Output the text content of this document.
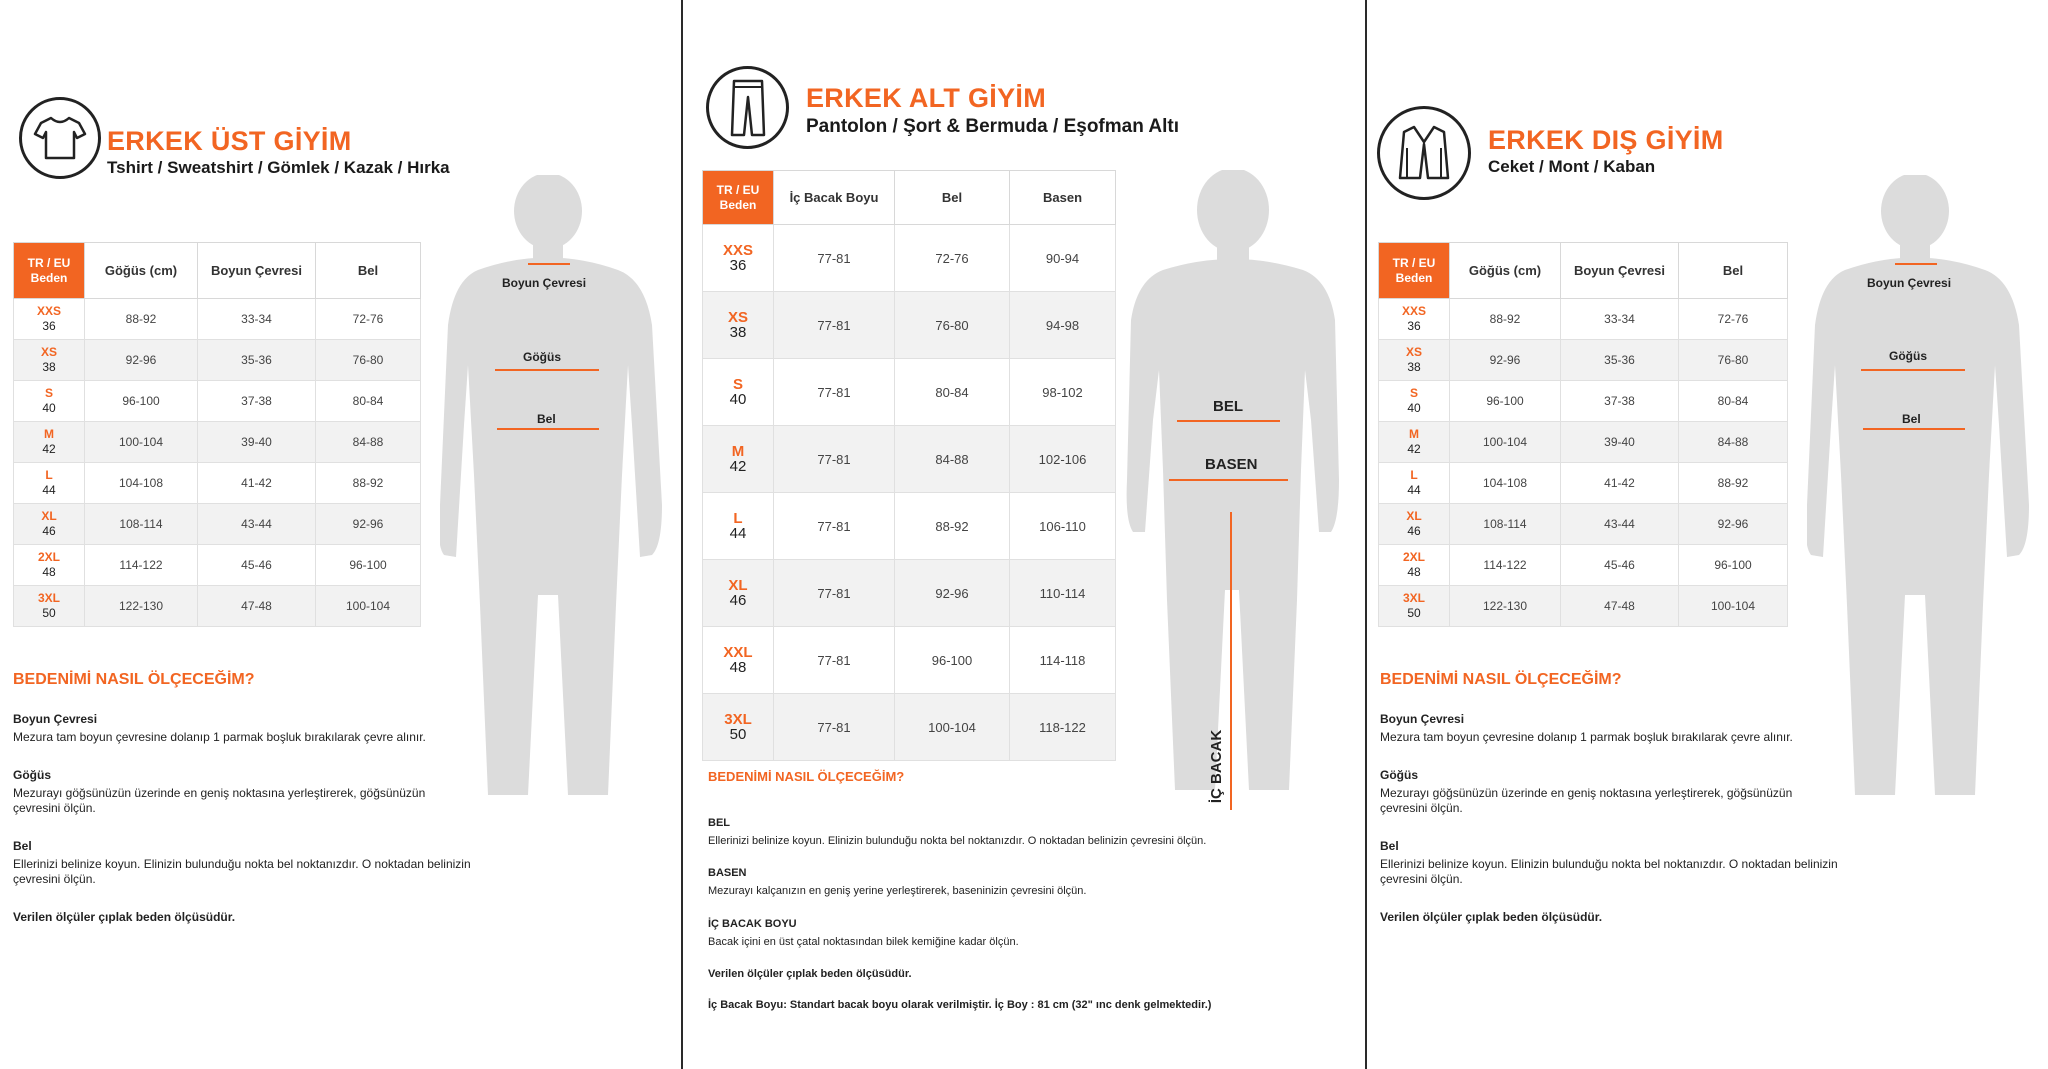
ERKEK ÜST GİYİM
Tshirt / Sweatshirt / Gömlek / Kazak / Hırka
TR / EU Beden	Göğüs (cm)	Boyun Çevresi	Bel

XXS
36	88-92	33-34	72-76

XS
38	92-96	35-36	76-80

S
40	96-100	37-38	80-84

M
42	100-104	39-40	84-88

L
44	104-108	41-42	88-92

XL
46	108-114	43-44	92-96

2XL
48	114-122	45-46	96-100

3XL
50	122-130	47-48	100-104
Boyun Çevresi
Göğüs
Bel
BEDENİMİ NASIL ÖLÇECEĞİM?
Boyun Çevresi
Mezura tam boyun çevresine dolanıp 1 parmak boşluk bırakılarak çevre alınır.
Göğüs
Mezurayı göğsünüzün üzerinde en geniş noktasına yerleştirerek, göğsünüzün çevresini ölçün.
Bel
Ellerinizi belinize koyun. Elinizin bulunduğu nokta bel noktanızdır. O noktadan belinizin çevresini ölçün.
Verilen ölçüler çıplak beden ölçüsüdür.
ERKEK ALT GİYİM
Pantolon / Şort & Bermuda / Eşofman Altı
TR / EU Beden	İç Bacak Boyu	Bel	Basen

XXS
36	77-81	72-76	90-94

XS
38	77-81	76-80	94-98

S
40	77-81	80-84	98-102

M
42	77-81	84-88	102-106

L
44	77-81	88-92	106-110

XL
46	77-81	92-96	110-114

XXL
48	77-81	96-100	114-118

3XL
50	77-81	100-104	118-122
BEL
BASEN
İÇ BACAK
BEDENİMİ NASIL ÖLÇECEĞİM?
BEL
Ellerinizi belinize koyun. Elinizin bulunduğu nokta bel noktanızdır. O noktadan belinizin çevresini ölçün.
BASEN
Mezurayı kalçanızın en geniş yerine yerleştirerek, baseninizin çevresini ölçün.
İÇ BACAK BOYU
Bacak içini en üst çatal noktasından bilek kemiğine kadar ölçün.
Verilen ölçüler çıplak beden ölçüsüdür.
İç Bacak Boyu: Standart bacak boyu olarak verilmiştir. İç Boy : 81 cm (32" ınc denk gelmektedir.)
ERKEK DIŞ GİYİM
Ceket / Mont / Kaban
TR / EU Beden	Göğüs (cm)	Boyun Çevresi	Bel

XXS
36	88-92	33-34	72-76

XS
38	92-96	35-36	76-80

S
40	96-100	37-38	80-84

M
42	100-104	39-40	84-88

L
44	104-108	41-42	88-92

XL
46	108-114	43-44	92-96

2XL
48	114-122	45-46	96-100

3XL
50	122-130	47-48	100-104
Boyun Çevresi
Göğüs
Bel
BEDENİMİ NASIL ÖLÇECEĞİM?
Boyun Çevresi
Mezura tam boyun çevresine dolanıp 1 parmak boşluk bırakılarak çevre alınır.
Göğüs
Mezurayı göğsünüzün üzerinde en geniş noktasına yerleştirerek, göğsünüzün çevresini ölçün.
Bel
Ellerinizi belinize koyun. Elinizin bulunduğu nokta bel noktanızdır. O noktadan belinizin çevresini ölçün.
Verilen ölçüler çıplak beden ölçüsüdür.
